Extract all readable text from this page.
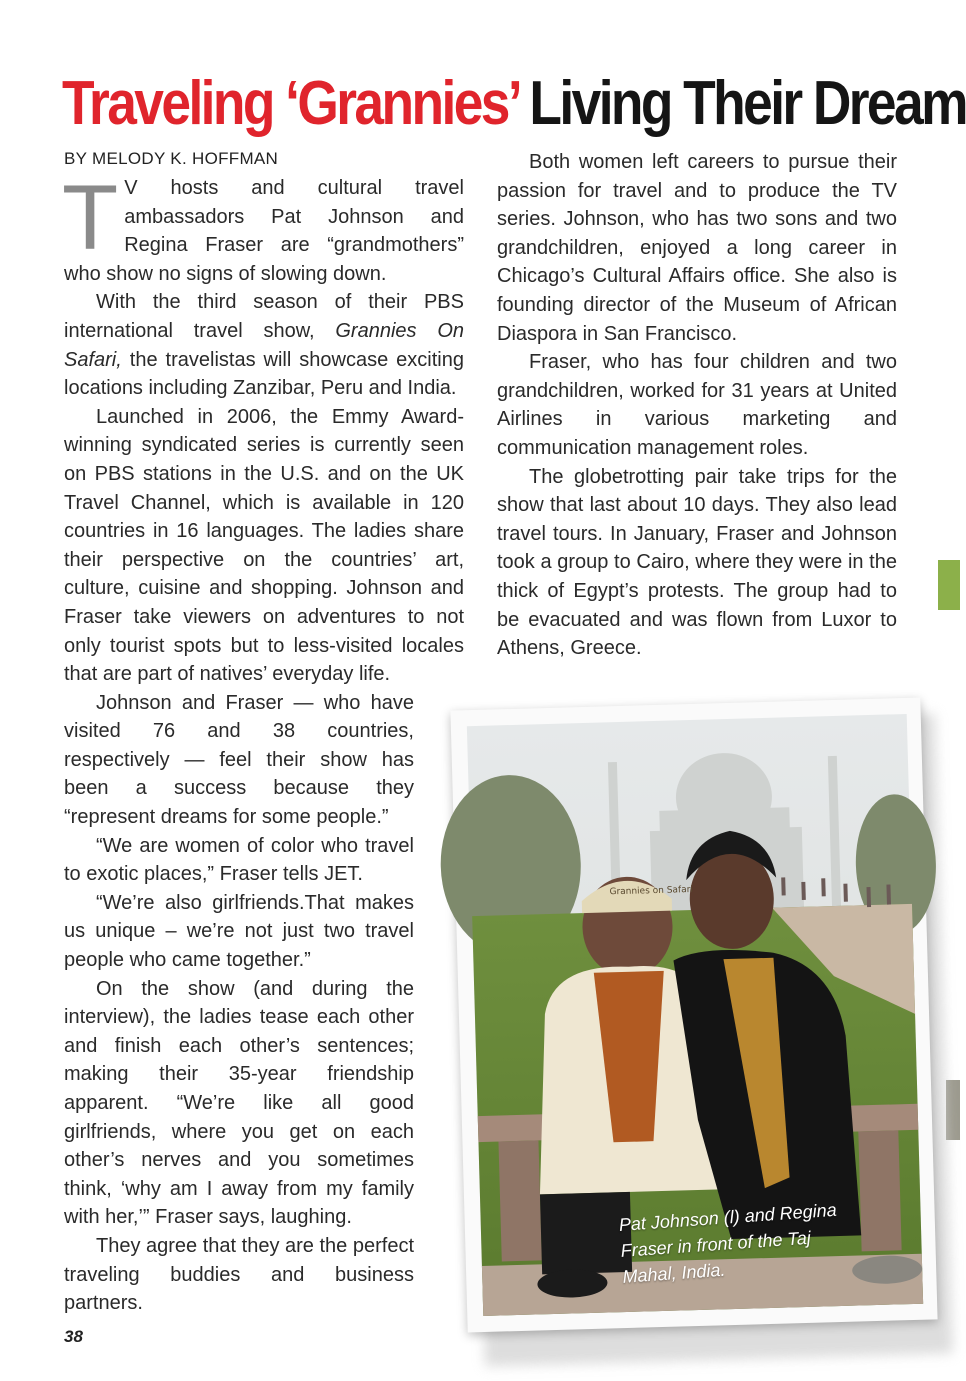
Traveling ‘Grannies’ Living Their Dream
BY MELODY K. HOFFMAN

T V hosts and cultural travel ambassadors Pat Johnson and Regina Fraser are “grandmothers” who show no signs of slowing down.

With the third season of their PBS international travel show, Grannies On Safari, the travelistas will showcase exciting locations including Zanzibar, Peru and India.

Launched in 2006, the Emmy Award-winning syndicated series is currently seen on PBS stations in the U.S. and on the UK Travel Channel, which is available in 120 countries in 16 languages. The ladies share their perspective on the countries’ art, culture, cuisine and shopping. Johnson and Fraser take viewers on adventures to not only tourist spots but to less-visited locales that are part of natives’ everyday life.

Johnson and Fraser — who have visited 76 and 38 countries, respectively — feel their show has been a success because they “represent dreams for some people.”

“We are women of color who travel to exotic places,” Fraser tells JET.

“We’re also girlfriends.That makes us unique – we’re not just two travel people who came together.”

On the show (and during the interview), the ladies tease each other and finish each other’s sentences; making their 35-year friendship apparent. “We’re like all good girlfriends, where you get on each other’s nerves and you sometimes think, ‘why am I away from my family with her,’” Fraser says, laughing.

They agree that they are the perfect traveling buddies and business partners.

Both women left careers to pursue their passion for travel and to produce the TV series. Johnson, who has two sons and two grandchildren, enjoyed a long career in Chicago’s Cultural Affairs office. She also is founding director of the Museum of African Diaspora in San Francisco.

Fraser, who has four children and two grandchildren, worked for 31 years at United Airlines in various marketing and communication management roles.

The globetrotting pair take trips for the show that last about 10 days. They also lead travel tours. In January, Fraser and Johnson took a group to Cairo, where they were in the thick of Egypt’s protests. The group had to be evacuated and was flown from Luxor to Athens, Greece.

Grannies on Safari
Pat Johnson (l) and Regina Fraser in front of the Taj Mahal, India.
38
